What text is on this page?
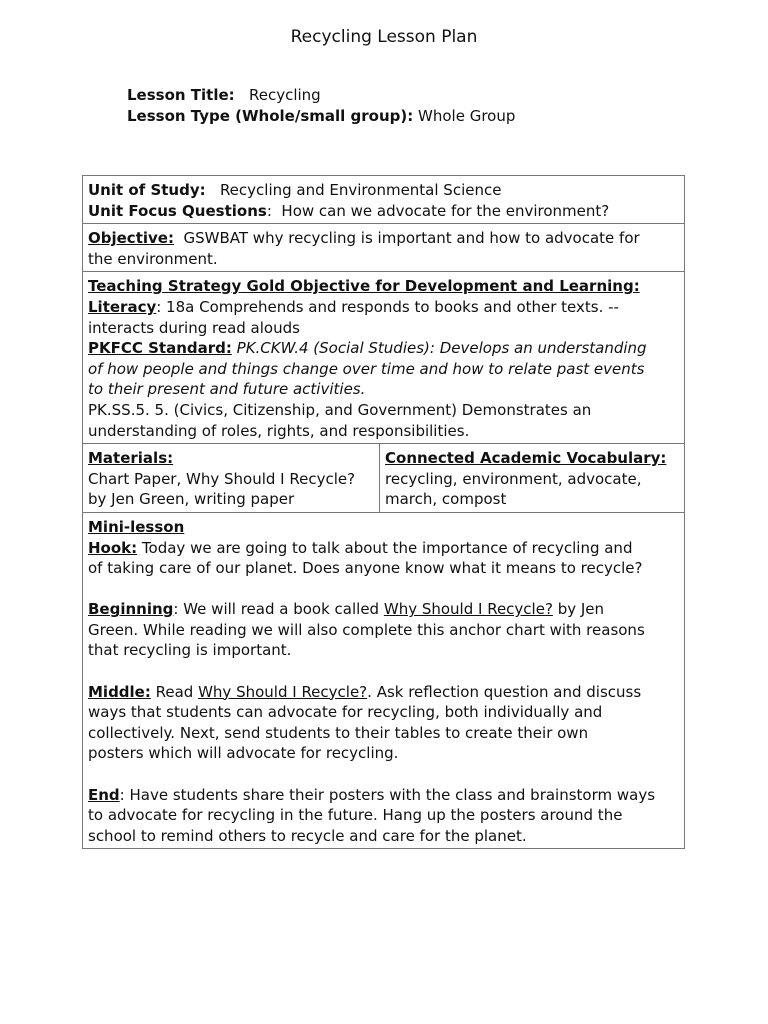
Recycling Lesson Plan
Lesson Title: Recycling
Lesson Type (Whole/small group): Whole Group
Unit of Study: Recycling and Environmental Science
Unit Focus Questions:  How can we advocate for the environment?

Objective: GSWBAT why recycling is important and how to advocate for
the environment.

Teaching Strategy Gold Objective for Development and Learning:
Literacy: 18a Comprehends and responds to books and other texts. --
interacts during read alouds
PKFCC Standard: PK.CKW.4 (Social Studies): Develops an understanding
of how people and things change over time and how to relate past events
to their present and future activities.
PK.SS.5. 5. (Civics, Citizenship, and Government) Demonstrates an
understanding of roles, rights, and responsibilities.

Materials:
Chart Paper, Why Should I Recycle?
by Jen Green, writing paper

Connected Academic Vocabulary:
recycling, environment, advocate,
march, compost

Mini-lesson
Hook: Today we are going to talk about the importance of recycling and
of taking care of our planet. Does anyone know what it means to recycle?
Beginning: We will read a book called Why Should I Recycle? by Jen
Green. While reading we will also complete this anchor chart with reasons
that recycling is important.
Middle: Read Why Should I Recycle?. Ask reflection question and discuss
ways that students can advocate for recycling, both individually and
collectively. Next, send students to their tables to create their own
posters which will advocate for recycling.
End: Have students share their posters with the class and brainstorm ways
to advocate for recycling in the future. Hang up the posters around the
school to remind others to recycle and care for the planet.
